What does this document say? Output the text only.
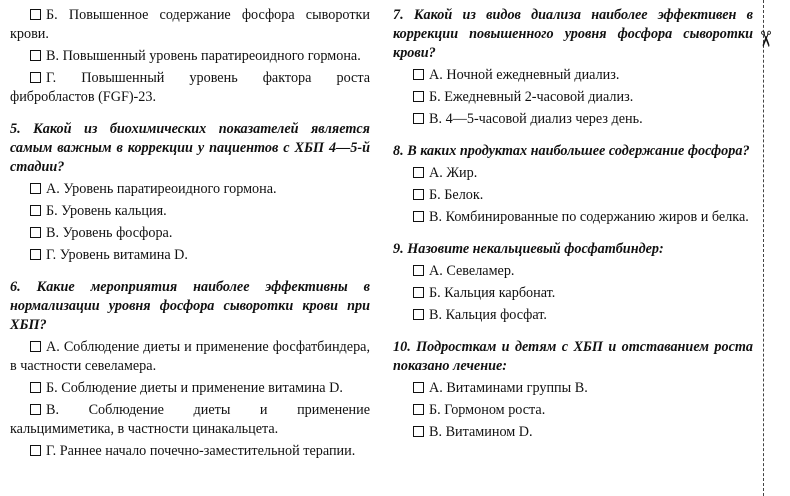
Б. Повышенное содержание фосфора сыворотки крови.

В. Повышенный уровень паратиреоидного гормона.

Г. Повышенный уровень фактора роста фибробластов (FGF)-23.

5. Какой из биохимических показателей является самым важным в коррекции у пациентов с ХБП 4—5-й стадии?

А. Уровень паратиреоидного гормона.

Б. Уровень кальция.

В. Уровень фосфора.

Г. Уровень витамина D.

6. Какие мероприятия наиболее эффективны в нормализации уровня фосфора сыворотки крови при ХБП?

А. Соблюдение диеты и применение фосфатбиндера, в частности севеламера.

Б. Соблюдение диеты и применение витамина D.

В. Соблюдение диеты и применение кальцимиметика, в частности цинакальцета.

Г. Раннее начало почечно-заместительной терапии.

7. Какой из видов диализа наиболее эффективен в коррекции повышенного уровня фосфора сыворотки крови?

А. Ночной ежедневный диализ.

Б. Ежедневный 2-часовой диализ.

В. 4—5-часовой диализ через день.

8. В каких продуктах наибольшее содержание фосфора?

А. Жир.

Б. Белок.

В. Комбинированные по содержанию жиров и белка.

9. Назовите некальциевый фосфатбиндер:

А. Севеламер.

Б. Кальция карбонат.

В. Кальция фосфат.

10. Подросткам и детям с ХБП и отставанием роста показано лечение:

А. Витаминами группы В.

Б. Гормоном роста.

В. Витамином D.

✂
